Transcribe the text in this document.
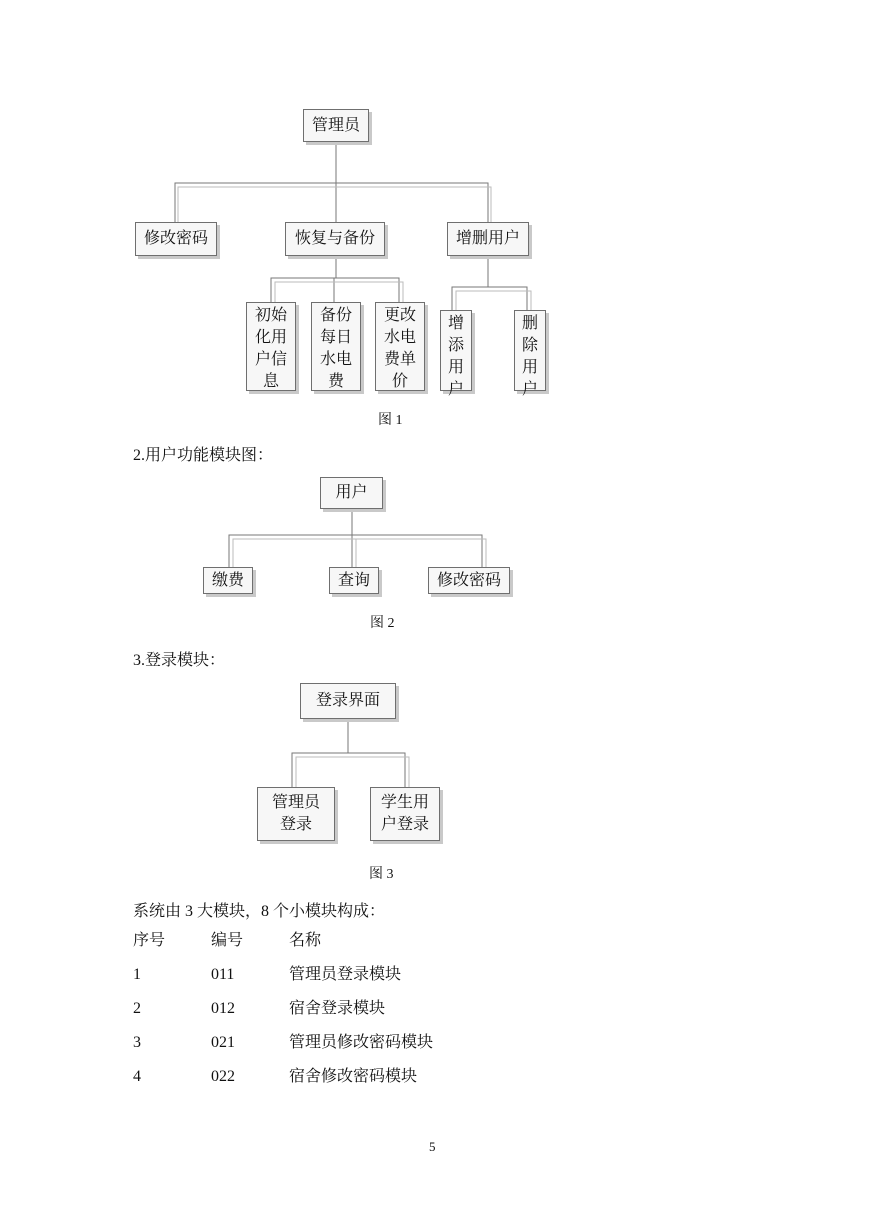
管理员
修改密码	恢复与备份	增删用户
初始
化用
户信
息
备份
每日
水电
费
更改
水电
费单
价
增
添
用
户
删
除
用
户
图 1
2.用户功能模块图：
用户
缴费	查询	修改密码
图 2
3.登录模块：
登录界面
管理员
登录
学生用
户登录
图 3
系统由 3 大模块，8 个小模块构成：
序号	编号	名称
1	011	管理员登录模块
2	012	宿舍登录模块
3	021	管理员修改密码模块
4	022	宿舍修改密码模块
5
